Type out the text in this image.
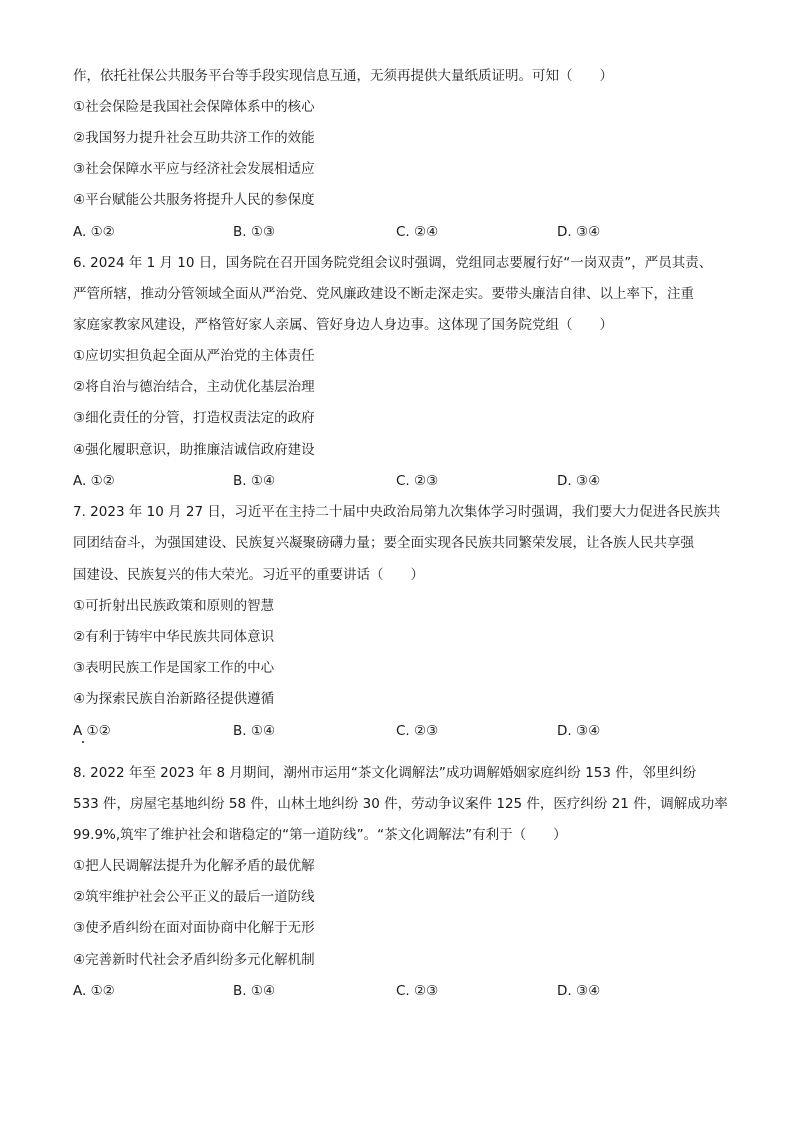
作，依托社保公共服务平台等手段实现信息互通，无须再提供大量纸质证明。可知（　　）
①社会保险是我国社会保障体系中的核心
②我国努力提升社会互助共济工作的效能
③社会保障水平应与经济社会发展相适应
④平台赋能公共服务将提升人民的参保度
A. ①②	B. ①③	C. ②④	D. ③④
6. 2024 年 1 月 10 日，国务院在召开国务院党组会议时强调，党组同志要履行好“一岗双责”，严员其责、
严管所辖，推动分管领域全面从严治党、党风廉政建设不断走深走实。要带头廉洁自律、以上率下，注重
家庭家教家风建设，严格管好家人亲属、管好身边人身边事。这体现了国务院党组（　　）
①应切实担负起全面从严治党的主体责任
②将自治与德治结合，主动优化基层治理
③细化责任的分管，打造权责法定的政府
④强化履职意识，助推廉洁诚信政府建设
A. ①②	B. ①④	C. ②③	D. ③④
7. 2023 年 10 月 27 日，习近平在主持二十届中央政治局第九次集体学习时强调，我们要大力促进各民族共
同团结奋斗，为强国建设、民族复兴凝聚磅礴力量；要全面实现各民族共同繁荣发展，让各族人民共享强
国建设、民族复兴的伟大荣光。习近平的重要讲话（　　）
①可折射出民族政策和原则的智慧
②有利于铸牢中华民族共同体意识
③表明民族工作是国家工作的中心
④为探索民族自治新路径提供遵循
A ①②	B. ①④	C. ②③	D. ③④
8. 2022 年至 2023 年 8 月期间，潮州市运用“茶文化调解法”成功调解婚姻家庭纠纷 153 件，邻里纠纷
533 件，房屋宅基地纠纷 58 件，山林土地纠纷 30 件，劳动争议案件 125 件，医疗纠纷 21 件，调解成功率
99.9%,筑牢了维护社会和谐稳定的“第一道防线”。“茶文化调解法”有利于（　　）
①把人民调解法提升为化解矛盾的最优解
②筑牢维护社会公平正义的最后一道防线
③使矛盾纠纷在面对面协商中化解于无形
④完善新时代社会矛盾纠纷多元化解机制
A. ①②	B. ①④	C. ②③	D. ③④
